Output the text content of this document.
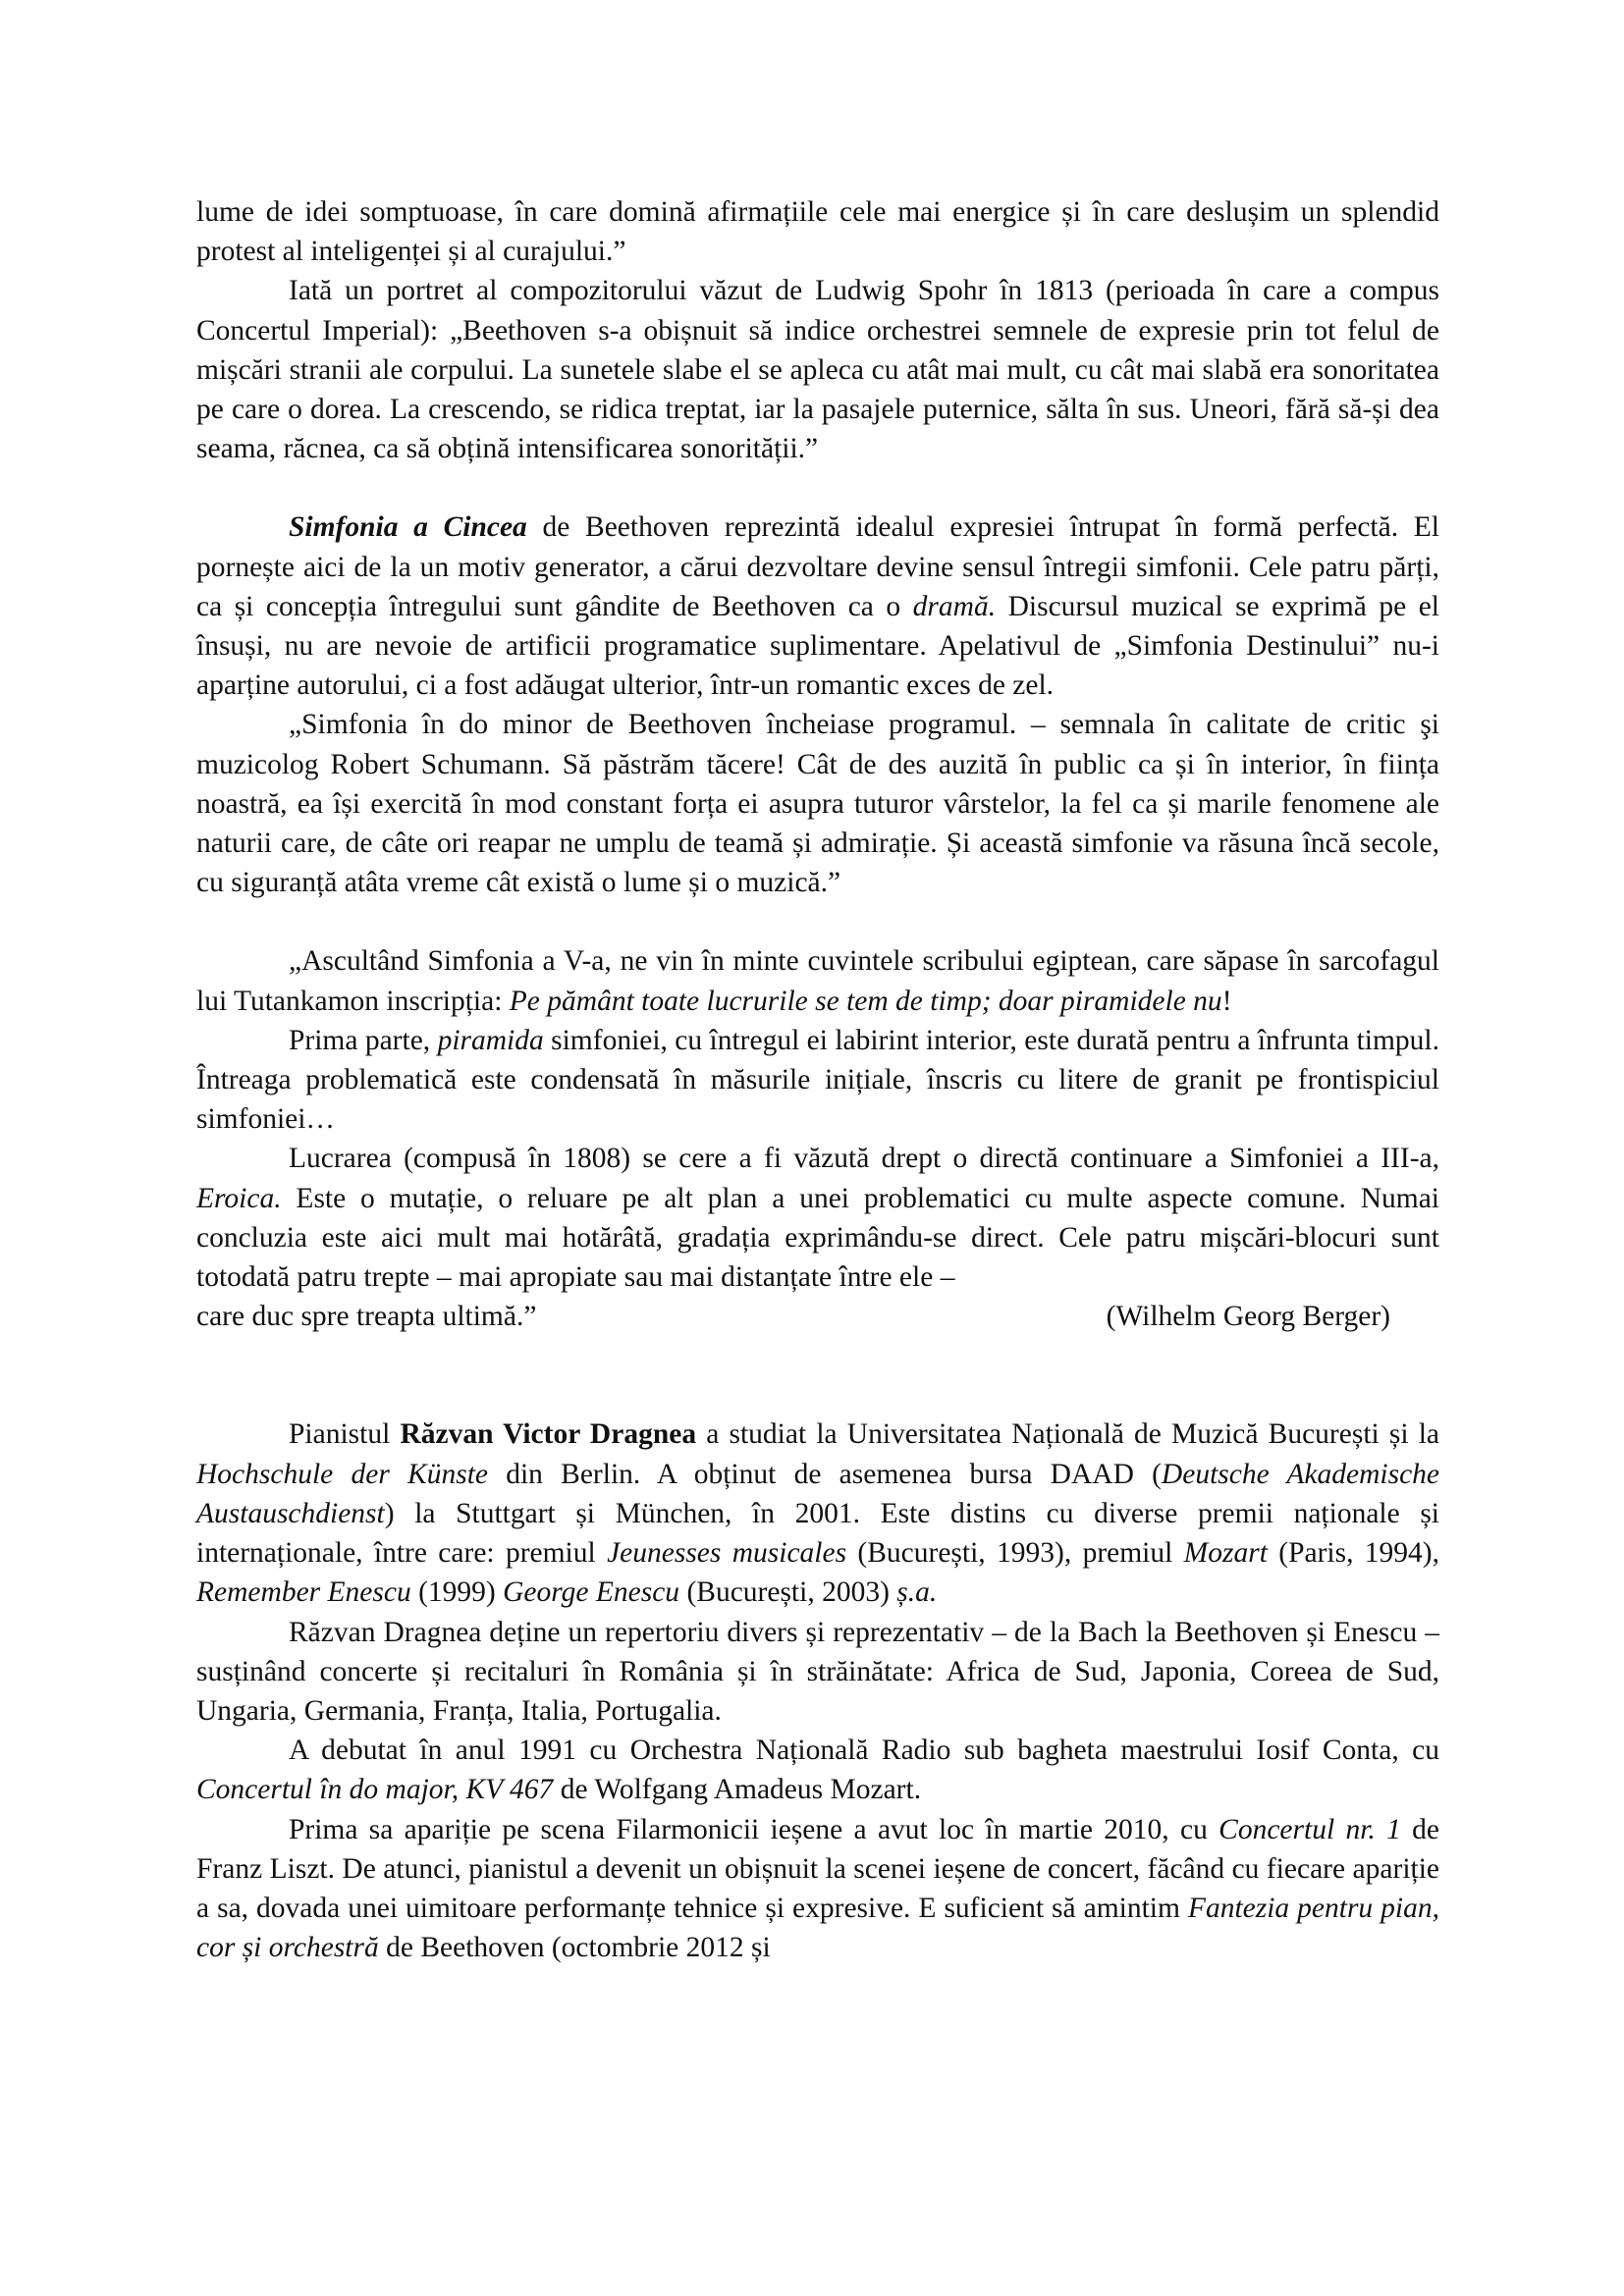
lume de idei somptuoase, în care domină afirmațiile cele mai energice și în care deslușim un splendid protest al inteligenței și al curajului.”

Iată un portret al compozitorului văzut de Ludwig Spohr în 1813 (perioada în care a compus Concertul Imperial): „Beethoven s-a obișnuit să indice orchestrei semnele de expresie prin tot felul de mișcări stranii ale corpului. La sunetele slabe el se apleca cu atât mai mult, cu cât mai slabă era sonoritatea pe care o dorea. La crescendo, se ridica treptat, iar la pasajele puternice, sălta în sus. Uneori, fără să-și dea seama, răcnea, ca să obțină intensificarea sonorității.”

Simfonia a Cincea de Beethoven reprezintă idealul expresiei întrupat în formă perfectă. El pornește aici de la un motiv generator, a cărui dezvoltare devine sensul întregii simfonii. Cele patru părți, ca și concepția întregului sunt gândite de Beethoven ca o dramă. Discursul muzical se exprimă pe el însuși, nu are nevoie de artificii programatice suplimentare. Apelativul de „Simfonia Destinului” nu-i aparține autorului, ci a fost adăugat ulterior, într-un romantic exces de zel.

„Simfonia în do minor de Beethoven încheiase programul. – semnala în calitate de critic şi muzicolog Robert Schumann. Să păstrăm tăcere! Cât de des auzită în public ca și în interior, în ființa noastră, ea își exercită în mod constant forța ei asupra tuturor vârstelor, la fel ca și marile fenomene ale naturii care, de câte ori reapar ne umplu de teamă și admirație. Și această simfonie va răsuna încă secole, cu siguranță atâta vreme cât există o lume și o muzică.”

„Ascultând Simfonia a V-a, ne vin în minte cuvintele scribului egiptean, care săpase în sarcofagul lui Tutankamon inscripția: Pe pământ toate lucrurile se tem de timp; doar piramidele nu!

Prima parte, piramida simfoniei, cu întregul ei labirint interior, este durată pentru a înfrunta timpul. Întreaga problematică este condensată în măsurile inițiale, înscris cu litere de granit pe frontispiciul simfoniei…

Lucrarea (compusă în 1808) se cere a fi văzută drept o directă continuare a Simfoniei a III-a, Eroica. Este o mutație, o reluare pe alt plan a unei problematici cu multe aspecte comune. Numai concluzia este aici mult mai hotărâtă, gradația exprimându-se direct. Cele patru mișcări-blocuri sunt totodată patru trepte – mai apropiate sau mai distanțate între ele –

care duc spre treapta ultimă.”	(Wilhelm Georg Berger)

Pianistul Răzvan Victor Dragnea a studiat la Universitatea Națională de Muzică București și la Hochschule der Künste din Berlin. A obținut de asemenea bursa DAAD (Deutsche Akademische Austauschdienst) la Stuttgart și München, în 2001. Este distins cu diverse premii naționale și internaționale, între care: premiul Jeunesses musicales (București, 1993), premiul Mozart (Paris, 1994), Remember Enescu (1999) George Enescu (București, 2003) ș.a.

Răzvan Dragnea deține un repertoriu divers și reprezentativ – de la Bach la Beethoven și Enescu – susținând concerte și recitaluri în România și în străinătate: Africa de Sud, Japonia, Coreea de Sud, Ungaria, Germania, Franța, Italia, Portugalia.

A debutat în anul 1991 cu Orchestra Națională Radio sub bagheta maestrului Iosif Conta, cu Concertul în do major, KV 467 de Wolfgang Amadeus Mozart.

Prima sa apariție pe scena Filarmonicii ieșene a avut loc în martie 2010, cu Concertul nr. 1 de Franz Liszt. De atunci, pianistul a devenit un obișnuit la scenei ieșene de concert, făcând cu fiecare apariție a sa, dovada unei uimitoare performanțe tehnice și expresive. E suficient să amintim Fantezia pentru pian, cor și orchestră de Beethoven (octombrie 2012 și
